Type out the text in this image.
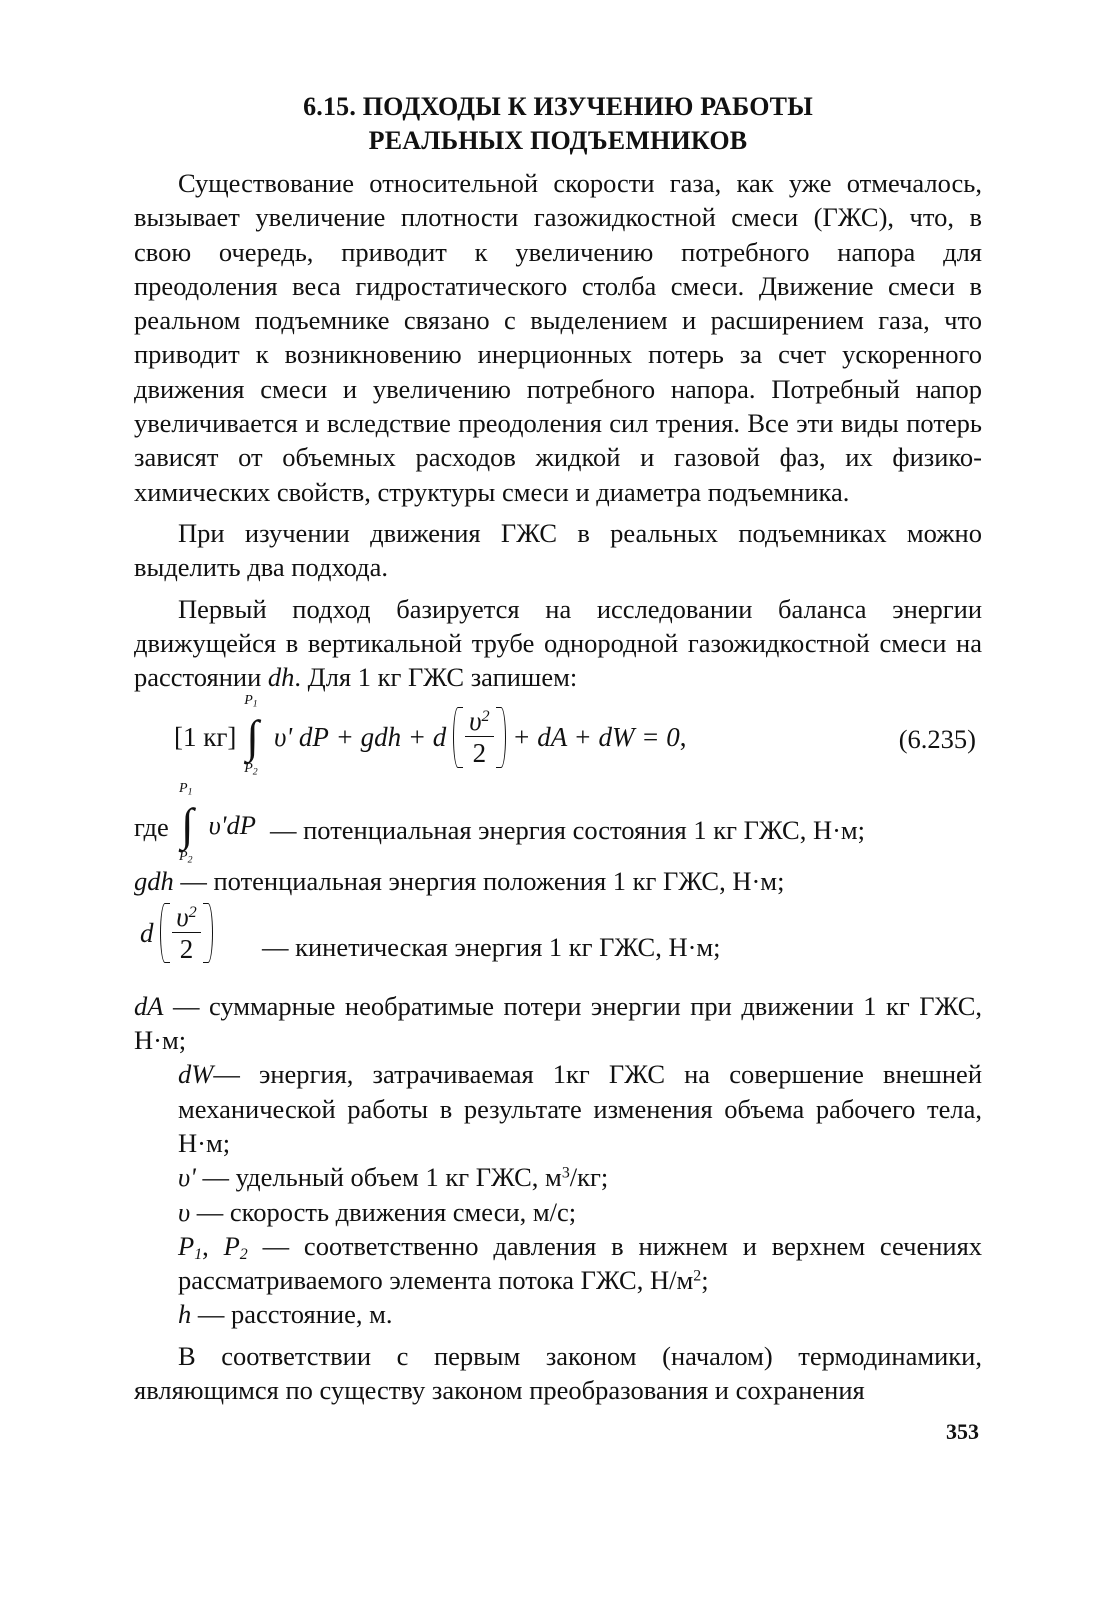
6.15. ПОДХОДЫ К ИЗУЧЕНИЮ РАБОТЫ
РЕАЛЬНЫХ ПОДЪЕМНИКОВ

Существование относительной скорости газа, как уже отмечалось, вызывает увеличение плотности газожидкостной смеси (ГЖС), что, в свою очередь, приводит к увеличению потребного напора для преодоления веса гидростатического столба смеси. Движение смеси в реальном подъемнике связано с выделением и расширением газа, что приводит к возникновению инерционных потерь за счет ускоренного движения смеси и увеличению потребного напора. Потребный напор увеличивается и вследствие преодоления сил трения. Все эти виды потерь зависят от объемных расходов жидкой и газовой фаз, их физико-химических свойств, структуры смеси и диаметра подъемника.

При изучении движения ГЖС в реальных подъемниках можно выделить два подхода.

Первый подход базируется на исследовании баланса энергии движущейся в вертикальной трубе однородной газожидкостной смеси на расстоянии dh. Для 1 кг ГЖС запишем:

[1 кг]
$P_1$
∫
$P_2$
υ' dP + gdh + d $\frac{\upsilon^2}{2}$ + dA + dW = 0,	(6.235)
где
$P_1$
∫
$P_2$
υ'dP — потенциальная энергия состояния 1 кг ГЖС, Н·м;

gdh — потенциальная энергия положения 1 кг ГЖС, Н·м;

d $\frac{\upsilon^2}{2}$ — кинетическая энергия 1 кг ГЖС, Н·м;

dA — суммарные необратимые потери энергии при движении 1 кг ГЖС, Н·м;

dW— энергия, затрачиваемая 1кг ГЖС на совершение внешней механической работы в результате изменения объема рабочего тела, Н·м;

υ' — удельный объем 1 кг ГЖС, $м^3/кг$;

υ — скорость движения смеси, м/с;

$P_1$, $P_2$ — соответственно давления в нижнем и верхнем сечениях рассматриваемого элемента потока ГЖС, $Н/м^2$;

h — расстояние, м.

В соответствии с первым законом (началом) термодинамики, являющимся по существу законом преобразования и сохранения

353
